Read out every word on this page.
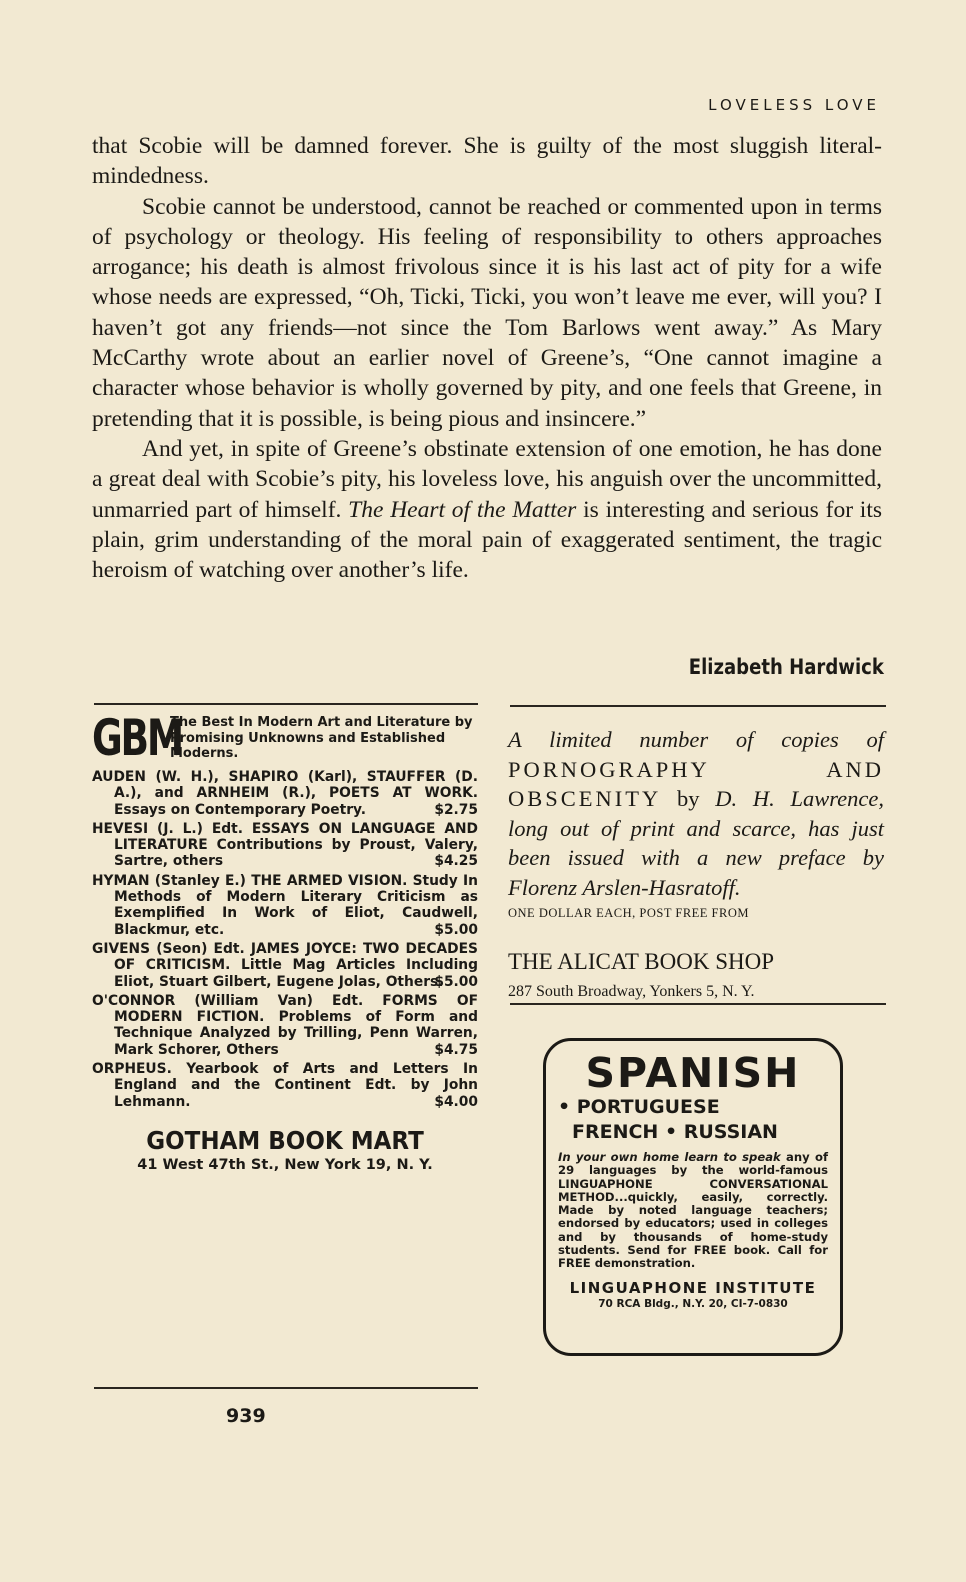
LOVELESS LOVE

that Scobie will be damned forever. She is guilty of the most sluggish literal-mindedness.

Scobie cannot be understood, cannot be reached or commented upon in terms of psychology or theology. His feeling of responsibility to others approaches arrogance; his death is almost frivolous since it is his last act of pity for a wife whose needs are expressed, “Oh, Ticki, Ticki, you won’t leave me ever, will you? I haven’t got any friends—not since the Tom Barlows went away.” As Mary McCarthy wrote about an earlier novel of Greene’s, “One cannot imagine a character whose behavior is wholly governed by pity, and one feels that Greene, in pretending that it is possible, is being pious and insincere.”

And yet, in spite of Greene’s obstinate extension of one emotion, he has done a great deal with Scobie’s pity, his loveless love, his anguish over the uncommitted, unmarried part of himself. The Heart of the Matter is interesting and serious for its plain, grim understanding of the moral pain of exaggerated sentiment, the tragic heroism of watching over another’s life.

Elizabeth Hardwick
GBM
The Best In Modern Art and Literature by Promising Unknowns and Established Moderns.
AUDEN (W. H.), SHAPIRO (Karl), STAUFFER (D. A.), and ARNHEIM (R.), POETS AT WORK. Essays on Contemporary Poetry.	$2.75
HEVESI (J. L.) Edt. ESSAYS ON LANGUAGE AND LITERATURE Contributions by Proust, Valery, Sartre, others	$4.25
HYMAN (Stanley E.) THE ARMED VISION. Study In Methods of Modern Literary Criticism as Exemplified In Work of Eliot, Caudwell, Blackmur, etc.	$5.00
GIVENS (Seon) Edt. JAMES JOYCE: TWO DECADES OF CRITICISM. Little Mag Articles Including Eliot, Stuart Gilbert, Eugene Jolas, Others.
$5.00
O'CONNOR (William Van) Edt. FORMS OF MODERN FICTION. Problems of Form and Technique Analyzed by Trilling, Penn Warren, Mark Schorer, Others	$4.75
ORPHEUS. Yearbook of Arts and Letters In England and the Continent Edt. by John Lehmann.	$4.00
GOTHAM BOOK MART
41 West 47th St., New York 19, N. Y.
A limited number of copies of PORNOGRAPHY AND OBSCENITY by D. H. Lawrence, long out of print and scarce, has just been issued with a new preface by Florenz Arslen-Hasratoff.
ONE DOLLAR EACH, POST FREE FROM
THE ALICAT BOOK SHOP
287 South Broadway, Yonkers 5, N. Y.
SPANISH
• PORTUGUESE
FRENCH • RUSSIAN
In your own home learn to speak any of 29 languages by the world-famous LINGUAPHONE CONVERSATIONAL METHOD...quickly, easily, correctly. Made by noted language teachers; endorsed by educators; used in colleges and by thousands of home-study students. Send for FREE book. Call for FREE demonstration.
LINGUAPHONE INSTITUTE
70 RCA Bldg., N.Y. 20, CI-7-0830
939
